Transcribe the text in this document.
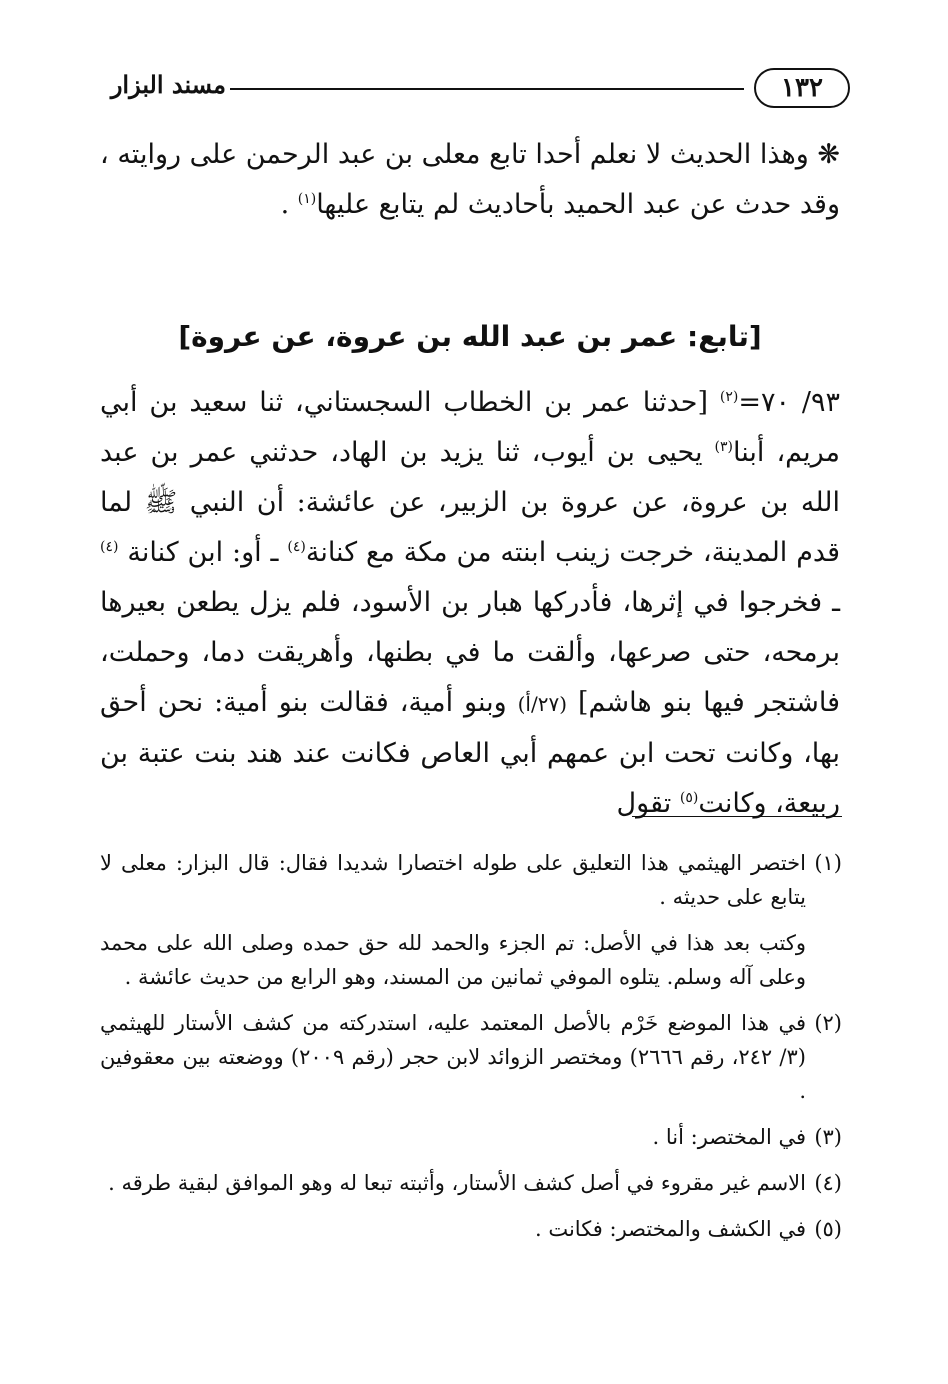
١٣٢
مسند البزار

❋ وهذا الحديث لا نعلم أحدا تابع معلى بن عبد الرحمن على روايته ، وقد حدث عن عبد الحميد بأحاديث لم يتابع عليها$^{(١)}$ .

[تابع: عمر بن عبد الله بن عروة، عن عروة]

٩٣/ ٧٠=$^{(٢)}$ [حدثنا عمر بن الخطاب السجستاني، ثنا سعيد بن أبي مريم، أبنا$^{(٣)}$ يحيى بن أيوب، ثنا يزيد بن الهاد، حدثني عمر بن عبد الله بن عروة، عن عروة بن الزبير، عن عائشة: أن النبي ﷺ لما قدم المدينة، خرجت زينب ابنته من مكة مع كنانة$^{(٤)}$ ـ أو: ابن كنانة $^{(٤)}$ ـ فخرجوا في إثرها، فأدركها هبار بن الأسود، فلم يزل يطعن بعيرها برمحه، حتى صرعها، وألقت ما في بطنها، وأهريقت دما، وحملت، فاشتجر فيها بنو هاشم] (٢٧/أ) وبنو أمية، فقالت بنو أمية: نحن أحق بها، وكانت تحت ابن عمهم أبي العاص فكانت عند هند بنت عتبة بن ربيعة، وكانت$^{(٥)}$ تقول

(١)
اختصر الهيثمي هذا التعليق على طوله اختصارا شديدا فقال: قال البزار: معلى لا يتابع على حديثه .

وكتب بعد هذا في الأصل: تم الجزء والحمد لله حق حمده وصلى الله على محمد وعلى آله وسلم. يتلوه الموفي ثمانين من المسند، وهو الرابع من حديث عائشة .

(٢)
في هذا الموضع خَرْم بالأصل المعتمد عليه، استدركته من كشف الأستار للهيثمي (٣/ ٢٤٢، رقم ٢٦٦٦) ومختصر الزوائد لابن حجر (رقم ٢٠٠٩) ووضعته بين معقوفين .

(٣)
في المختصر: أنا .

(٤)
الاسم غير مقروء في أصل كشف الأستار، وأثبته تبعا له وهو الموافق لبقية طرقه .

(٥)
في الكشف والمختصر: فكانت .
